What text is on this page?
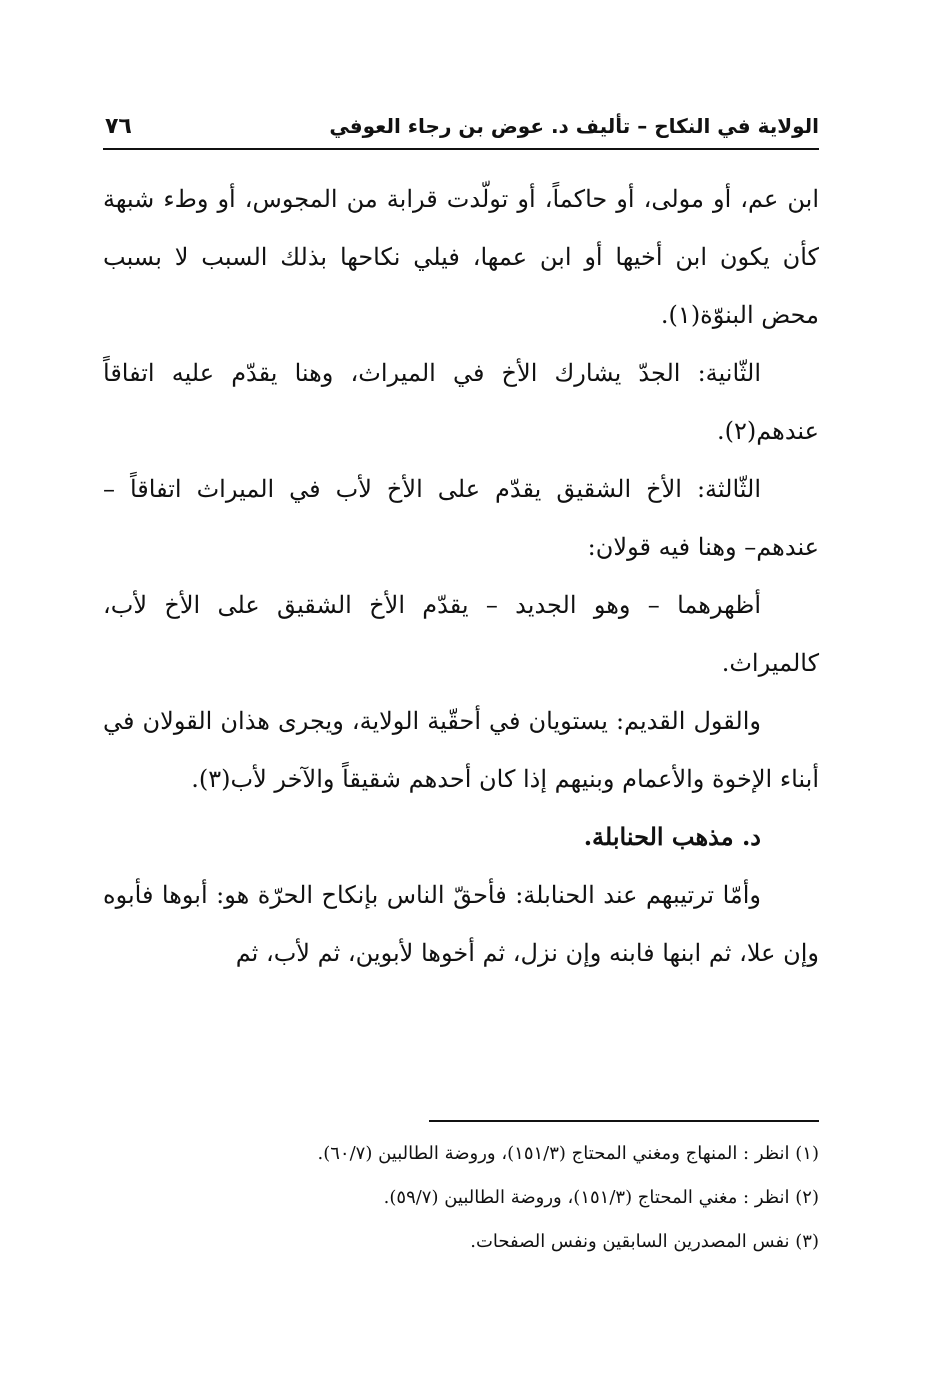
الولاية في النكاح – تأليف د. عوض بن رجاء العوفي
٧٦

ابن عم، أو مولى، أو حاكماً، أو تولّدت قرابة من المجوس، أو وطء شبهة كأن يكون ابن أخيها أو ابن عمها، فيلي نكاحها بذلك السبب لا بسبب محض البنوّة(١).

الثّانية: الجدّ يشارك الأخ في الميراث، وهنا يقدّم عليه اتفاقاً عندهم(٢).

الثّالثة: الأخ الشقيق يقدّم على الأخ لأب في الميراث اتفاقاً –عندهم– وهنا فيه قولان:

أظهرهما – وهو الجديد – يقدّم الأخ الشقيق على الأخ لأب، كالميراث.

والقول القديم: يستويان في أحقّية الولاية، ويجرى هذان القولان في أبناء الإخوة والأعمام وبنيهم إذا كان أحدهم شقيقاً والآخر لأب(٣).

د. مذهب الحنابلة.

وأمّا ترتيبهم عند الحنابلة: فأحقّ الناس بإنكاح الحرّة هو: أبوها فأبوه وإن علا، ثم ابنها فابنه وإن نزل، ثم أخوها لأبوين، ثم لأب، ثم

(١) انظر : المنهاج ومغني المحتاج (١٥١/٣)، وروضة الطالبين (٦٠/٧).
(٢) انظر : مغني المحتاج (١٥١/٣)، وروضة الطالبين (٥٩/٧).
(٣) نفس المصدرين السابقين ونفس الصفحات.
